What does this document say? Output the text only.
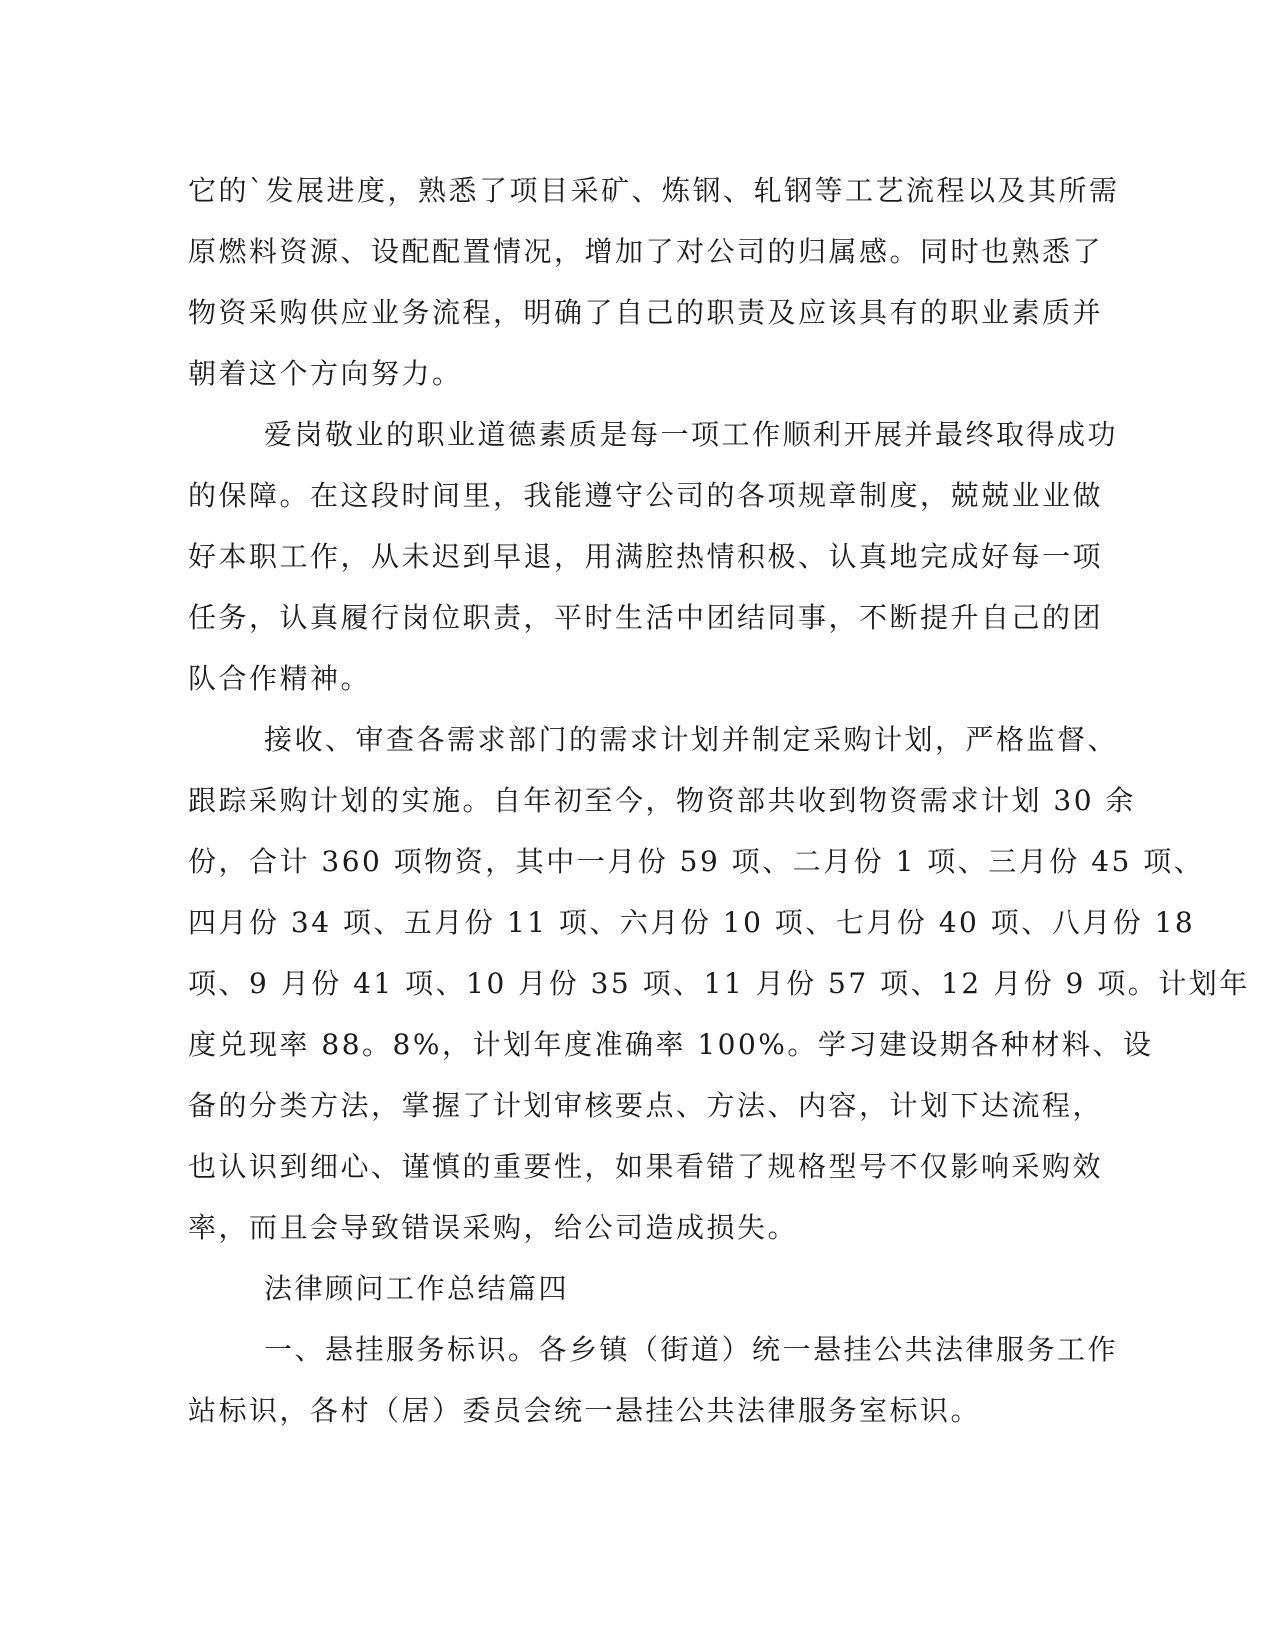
它的`发展进度，熟悉了项目采矿、炼钢、轧钢等工艺流程以及其所需
原燃料资源、设配配置情况，增加了对公司的归属感。同时也熟悉了
物资采购供应业务流程，明确了自己的职责及应该具有的职业素质并
朝着这个方向努力。
爱岗敬业的职业道德素质是每一项工作顺利开展并最终取得成功
的保障。在这段时间里，我能遵守公司的各项规章制度，兢兢业业做
好本职工作，从未迟到早退，用满腔热情积极、认真地完成好每一项
任务，认真履行岗位职责，平时生活中团结同事，不断提升自己的团
队合作精神。
接收、审查各需求部门的需求计划并制定采购计划，严格监督、
跟踪采购计划的实施。自年初至今，物资部共收到物资需求计划 30 余
份，合计 360 项物资，其中一月份 59 项、二月份 1 项、三月份 45 项、
四月份 34 项、五月份 11 项、六月份 10 项、七月份 40 项、八月份 18
项、9 月份 41 项、10 月份 35 项、11 月份 57 项、12 月份 9 项。计划年
度兑现率 88。8%，计划年度准确率 100%。学习建设期各种材料、设
备的分类方法，掌握了计划审核要点、方法、内容，计划下达流程，
也认识到细心、谨慎的重要性，如果看错了规格型号不仅影响采购效
率，而且会导致错误采购，给公司造成损失。
法律顾问工作总结篇四
一、悬挂服务标识。各乡镇（街道）统一悬挂公共法律服务工作
站标识，各村（居）委员会统一悬挂公共法律服务室标识。
